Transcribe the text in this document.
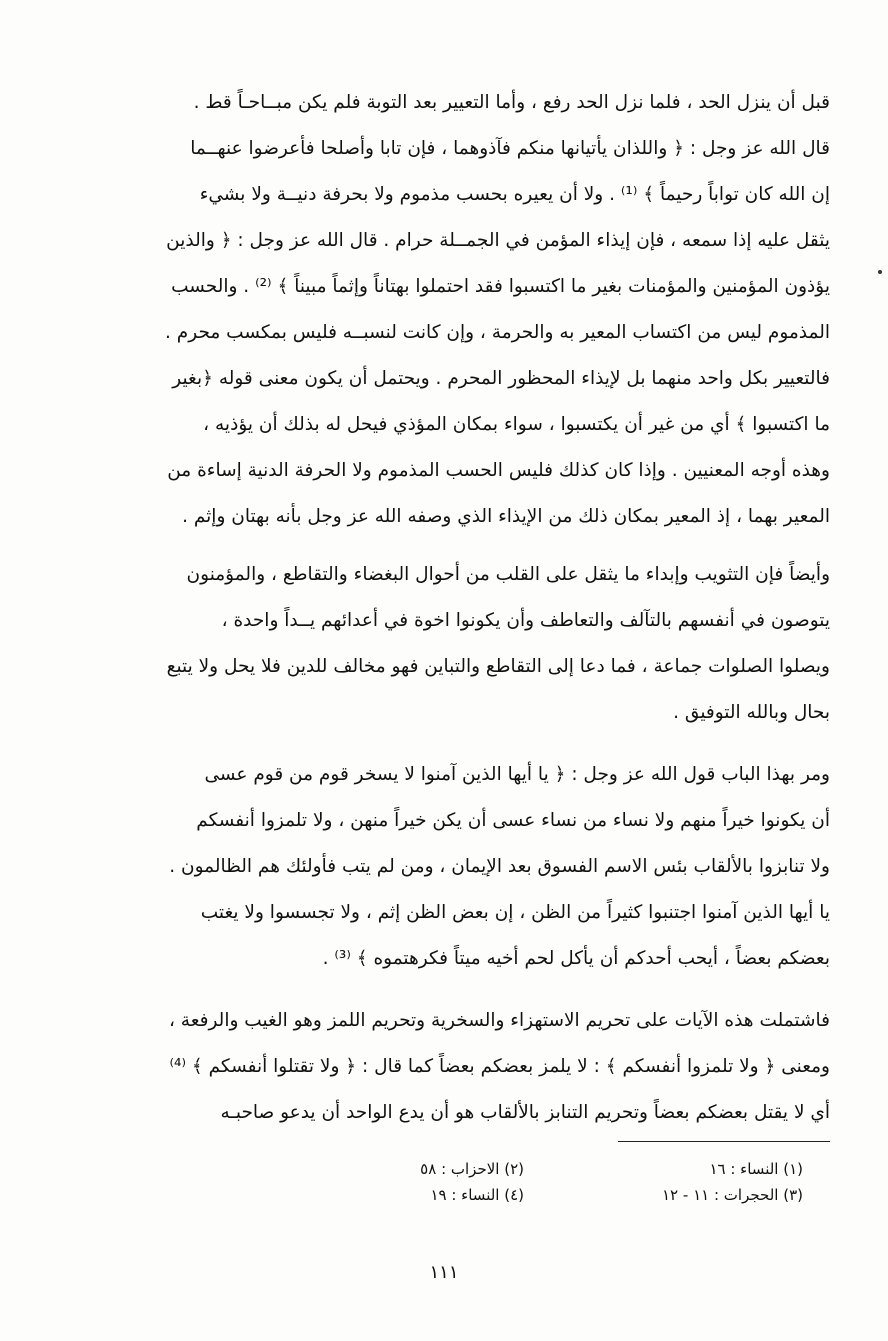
قبل أن ينزل الحد ، فلما نزل الحد رفع ، وأما التعيير بعد التوبة فلم يكن مبــاحـاً قط .
قال الله عز وجل : ﴿ واللذان يأتيانها منكم فآذوهما ، فإن تابا وأصلحا فأعرضوا عنهــما
إن الله كان تواباً رحيماً ﴾ ⁽¹⁾ . ولا أن يعيره بحسب مذموم ولا بحرفة دنيــة ولا بشيء
يثقل عليه إذا سمعه ، فإن إيذاء المؤمن في الجمــلة حرام . قال الله عز وجل : ﴿ والذين
يؤذون المؤمنين والمؤمنات بغير ما اكتسبوا فقد احتملوا بهتاناً وإثماً مبيناً ﴾ ⁽²⁾ . والحسب
المذموم ليس من اكتساب المعير به والحرمة ، وإن كانت لنسبــه فليس بمكسب محرم .
فالتعيير بكل واحد منهما بل لإيذاء المحظور المحرم . ويحتمل أن يكون معنى قوله ﴿بغير
ما اكتسبوا ﴾ أي من غير أن يكتسبوا ، سواء بمكان المؤذي فيحل له بذلك أن يؤذيه ،
وهذه أوجه المعنيين . وإذا كان كذلك فليس الحسب المذموم ولا الحرفة الدنية إساءة من
المعير بهما ، إذ المعير بمكان ذلك من الإيذاء الذي وصفه الله عز وجل بأنه بهتان وإثم .
وأيضاً فإن التثويب وإبداء ما يثقل على القلب من أحوال البغضاء والتقاطع ، والمؤمنون
يتوصون في أنفسهم بالتآلف والتعاطف وأن يكونوا اخوة في أعدائهم يــداً واحدة ،
ويصلوا الصلوات جماعة ، فما دعا إلى التقاطع والتباين فهو مخالف للدين فلا يحل ولا يتبع
بحال وبالله التوفيق .
ومر بهذا الباب قول الله عز وجل : ﴿ يا أيها الذين آمنوا لا يسخر قوم من قوم عسى
أن يكونوا خيراً منهم ولا نساء من نساء عسى أن يكن خيراً منهن ، ولا تلمزوا أنفسكم
ولا تنابزوا بالألقاب بئس الاسم الفسوق بعد الإيمان ، ومن لم يتب فأولئك هم الظالمون .
يا أيها الذين آمنوا اجتنبوا كثيراً من الظن ، إن بعض الظن إثم ، ولا تجسسوا ولا يغتب
بعضكم بعضاً ، أيحب أحدكم أن يأكل لحم أخيه ميتاً فكرهتموه ﴾ ⁽³⁾ .
فاشتملت هذه الآيات على تحريم الاستهزاء والسخرية وتحريم اللمز وهو الغيب والرفعة ،
ومعنى ﴿ ولا تلمزوا أنفسكم ﴾ : لا يلمز بعضكم بعضاً كما قال : ﴿ ولا تقتلوا أنفسكم ﴾ ⁽⁴⁾
أي لا يقتل بعضكم بعضاً وتحريم التنابز بالألقاب هو أن يدع الواحد أن يدعو صاحبـه
(١) النساء : ١٦
(٢) الاحزاب : ٥٨
(٣) الحجرات : ١١ - ١٢
(٤) النساء : ١٩
١١١
